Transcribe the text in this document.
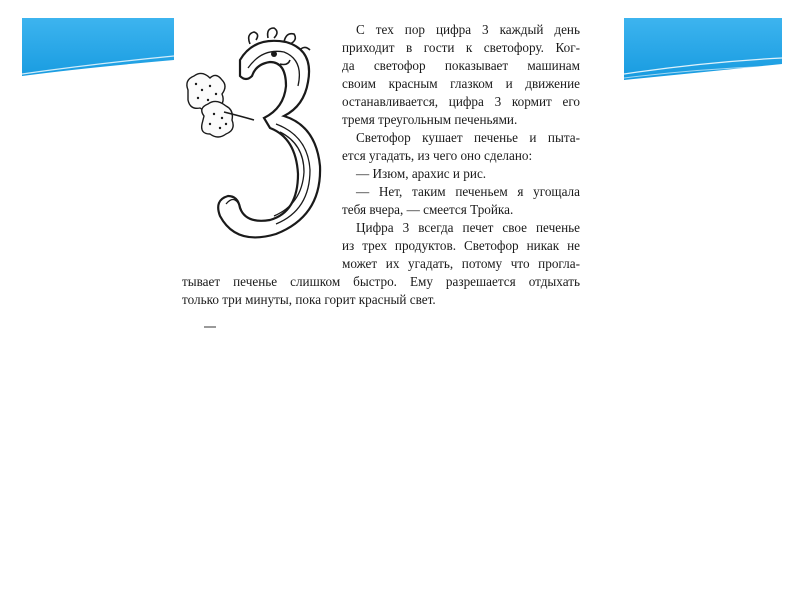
С тех пор цифра 3 каждый день
приходит в гости к светофору. Ког-
да светофор показывает машинам
своим красным глазком и движение
останавливается, цифра 3 кормит его
тремя треугольным печеньями.
Светофор кушает печенье и пыта-
ется угадать, из чего оно сделано:
— Изюм, арахис и рис.
— Нет, таким печеньем я угощала
тебя вчера, — смеется Тройка.
Цифра 3 всегда печет свое печенье
из трех продуктов. Светофор никак не
может их угадать, потому что прогла-
тывает печенье слишком быстро. Ему разрешается отдыхать
только три минуты, пока горит красный свет.
